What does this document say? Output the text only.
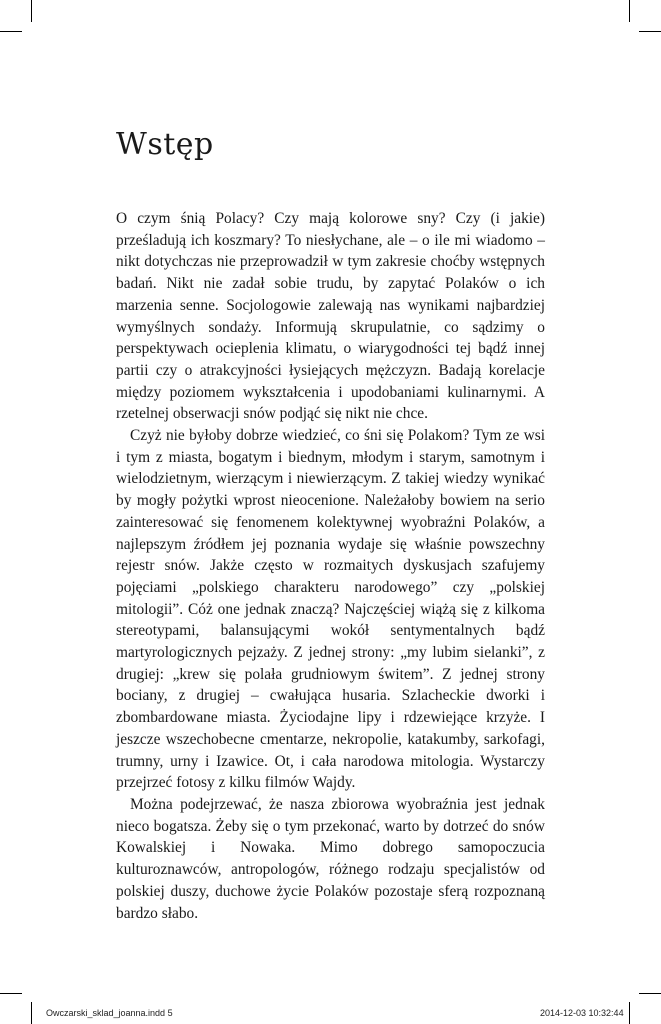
Wstęp

O czym śnią Polacy? Czy mają kolorowe sny? Czy (i jakie) prześladują ich koszmary? To niesłychane, ale – o ile mi wiadomo – nikt dotychczas nie przeprowadził w tym zakresie choćby wstępnych badań. Nikt nie zadał sobie trudu, by zapytać Polaków o ich marzenia senne. Socjologowie zalewają nas wynikami najbardziej wymyślnych sondaży. Informują skrupulatnie, co sądzimy o perspektywach ocieplenia klimatu, o wiarygodności tej bądź innej partii czy o atrakcyjności łysiejących mężczyzn. Badają korelacje między poziomem wykształcenia i upodobaniami kulinarnymi. A rzetelnej obserwacji snów podjąć się nikt nie chce.

Czyż nie byłoby dobrze wiedzieć, co śni się Polakom? Tym ze wsi i tym z miasta, bogatym i biednym, młodym i starym, samotnym i wielodzietnym, wierzącym i niewierzącym. Z takiej wiedzy wynikać by mogły pożytki wprost nieocenione. Należałoby bowiem na serio zainteresować się fenomenem kolektywnej wyobraźni Polaków, a najlepszym źródłem jej poznania wydaje się właśnie powszechny rejestr snów. Jakże często w rozmaitych dyskusjach szafujemy pojęciami „polskiego charakteru narodowego” czy „polskiej mitologii”. Cóż one jednak znaczą? Najczęściej wiążą się z kilkoma stereotypami, balansującymi wokół sentymentalnych bądź martyrologicznych pejzaży. Z jednej strony: „my lubim sielanki”, z drugiej: „krew się polała grudniowym świtem”. Z jednej strony bociany, z drugiej – cwałująca husaria. Szlacheckie dworki i zbombardowane miasta. Życiodajne lipy i rdzewiejące krzyże. I jeszcze wszechobecne cmentarze, nekropolie, katakumby, sarkofagi, trumny, urny i Izawice. Ot, i cała narodowa mitologia. Wystarczy przejrzeć fotosy z kilku filmów Wajdy.

Można podejrzewać, że nasza zbiorowa wyobraźnia jest jednak nieco bogatsza. Żeby się o tym przekonać, warto by dotrzeć do snów Kowalskiej i Nowaka. Mimo dobrego samopoczucia kulturoznawców, antropologów, różnego rodzaju specjalistów od polskiej duszy, duchowe życie Polaków pozostaje sferą rozpoznaną bardzo słabo.

Owczarski_sklad_joanna.indd 5	2014-12-03 10:32:44
